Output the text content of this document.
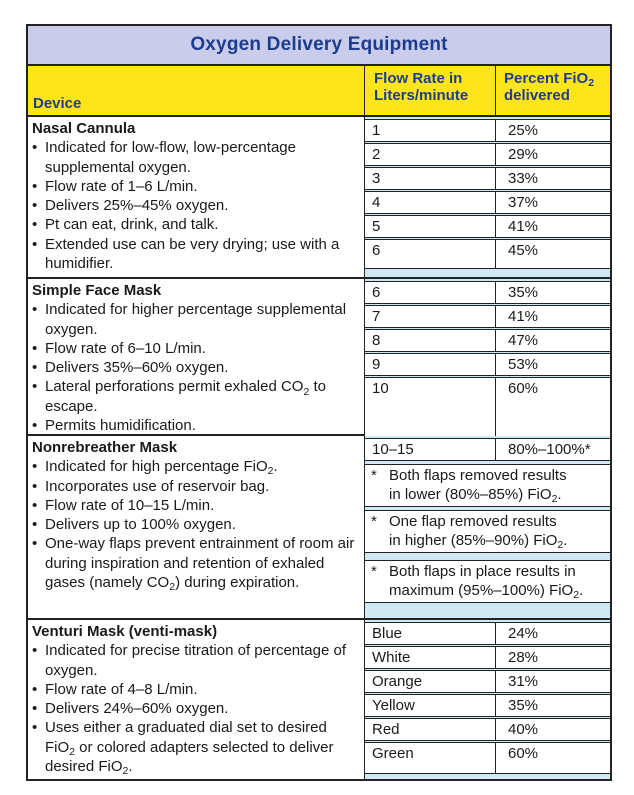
Oxygen Delivery Equipment
Device
Flow Rate in
Liters/minute
Percent FiO$_2$
delivered
Nasal Cannula
• Indicated for low-flow, low-percentage supplemental oxygen.
• Flow rate of 1–6 L/min.
• Delivers 25%–45% oxygen.
• Pt can eat, drink, and talk.
• Extended use can be very drying; use with a humidifier.
1	25%
2	29%
3	33%
4	37%
5	41%
6	45%
Simple Face Mask
• Indicated for higher percentage supplemental oxygen.
• Flow rate of 6–10 L/min.
• Delivers 35%–60% oxygen.
• Lateral perforations permit exhaled $CO_2$ to escape.
• Permits humidification.
6	35%
7	41%
8	47%
9	53%
10	60%
Nonrebreather Mask
• Indicated for high percentage FiO$_2$.
• Incorporates use of reservoir bag.
• Flow rate of 10–15 L/min.
• Delivers up to 100% oxygen.
• One-way flaps prevent entrainment of room air during inspiration and retention of exhaled gases (namely $CO_2$) during expiration.
10–15	80%–100%*
* Both flaps removed results
in lower (80%–85%) FiO$_2$.
* One flap removed results
in higher (85%–90%) FiO$_2$.
* Both flaps in place results in
maximum (95%–100%) FiO$_2$.
Venturi Mask (venti-mask)
• Indicated for precise titration of percentage of oxygen.
• Flow rate of 4–8 L/min.
• Delivers 24%–60% oxygen.
• Uses either a graduated dial set to desired FiO$_2$ or colored adapters selected to deliver desired FiO$_2$.
Blue	24%
White	28%
Orange	31%
Yellow	35%
Red	40%
Green	60%
